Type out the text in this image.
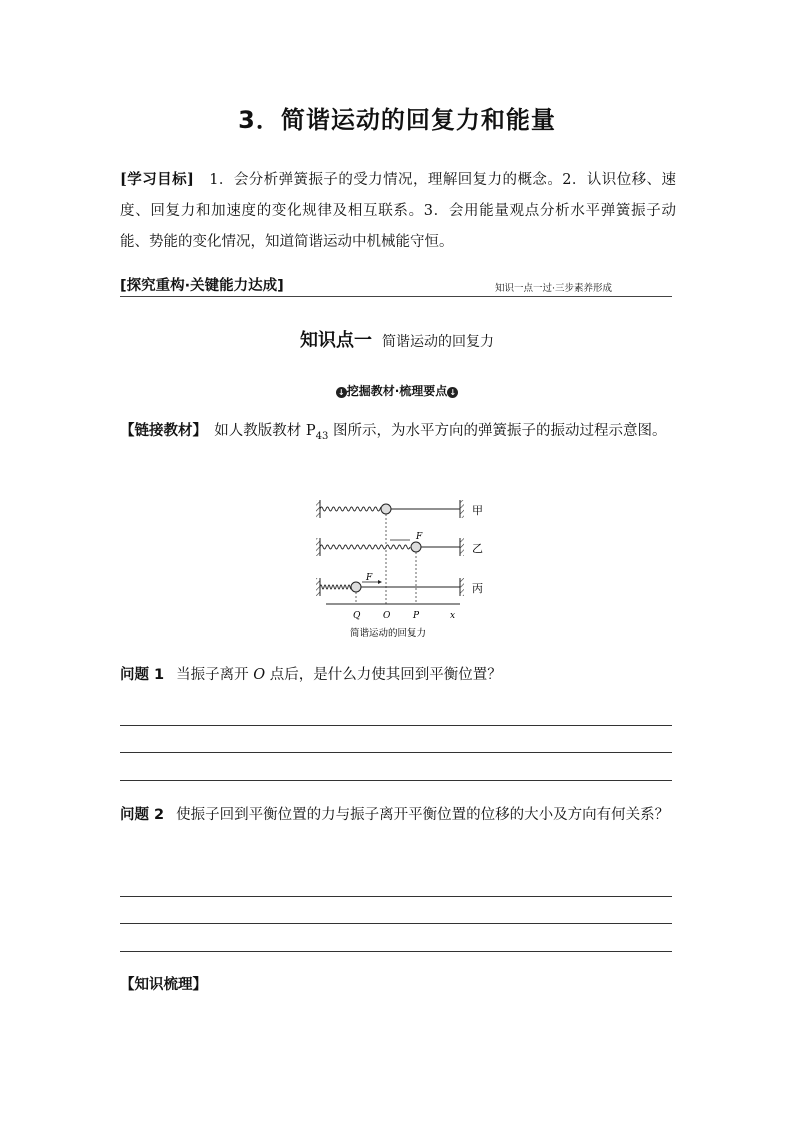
3．简谐运动的回复力和能量
[学习目标]　1．会分析弹簧振子的受力情况，理解回复力的概念。2．认识位移、速度、回复力和加速度的变化规律及相互联系。3．会用能量观点分析水平弹簧振子动能、势能的变化情况，知道简谐运动中机械能守恒。
[探究重构·关键能力达成]	知识一点一过·三步素养形成
知识点一 简谐运动的回复力
↓ 挖掘教材·梳理要点 ↓
【链接教材】　如人教版教材 $P_{43}$ 图所示，为水平方向的弹簧振子的振动过程示意图。
甲
F
乙
F
丙
Q	O	P	x
简谐运动的回复力
问题 1 当振子离开 O 点后，是什么力使其回到平衡位置？
问题 2 使振子回到平衡位置的力与振子离开平衡位置的位移的大小及方向有何关系？
【知识梳理】
